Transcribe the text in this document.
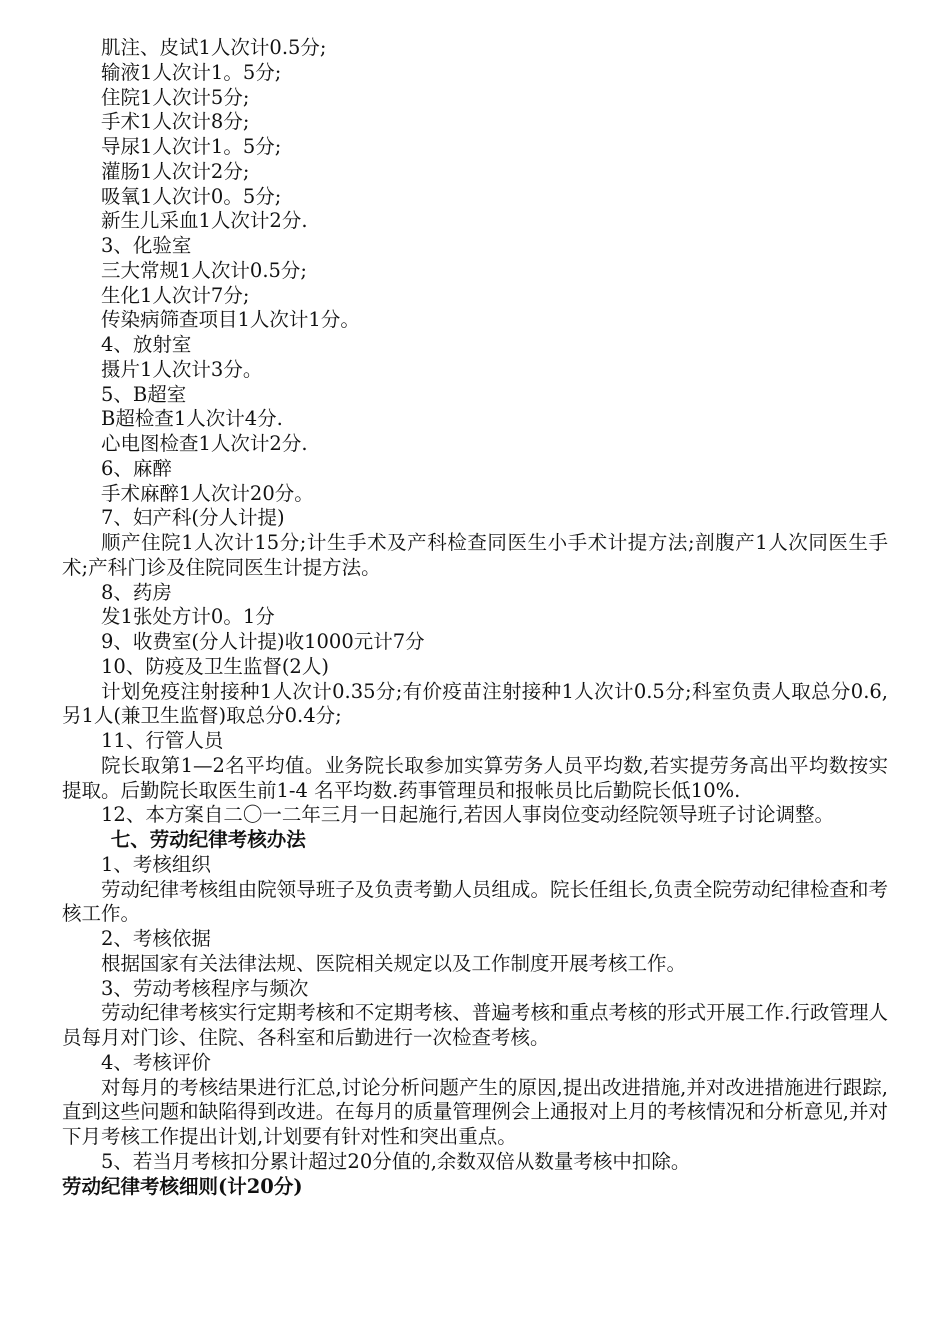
肌注、皮试1人次计0.5分;

输液1人次计1。5分;

住院1人次计5分;

手术1人次计8分;

导尿1人次计1。5分;

灌肠1人次计2分;

吸氧1人次计0。5分;

新生儿采血1人次计2分.

3、化验室

三大常规1人次计0.5分;

生化1人次计7分;

传染病筛查项目1人次计1分。

4、放射室

摄片1人次计3分。

5、B超室

B超检查1人次计4分.

心电图检查1人次计2分.

6、麻醉

手术麻醉1人次计20分。

7、妇产科(分人计提)

顺产住院1人次计15分;计生手术及产科检查同医生小手术计提方法;剖腹产1人次同医生手术;产科门诊及住院同医生计提方法。

8、药房

发1张处方计0。1分

9、收费室(分人计提)收1000元计7分

10、防疫及卫生监督(2人)

计划免疫注射接种1人次计0.35分;有价疫苗注射接种1人次计0.5分;科室负责人取总分0.6,另1人(兼卫生监督)取总分0.4分;

11、行管人员

院长取第1—2名平均值。业务院长取参加实算劳务人员平均数,若实提劳务高出平均数按实提取。后勤院长取医生前1-4 名平均数.药事管理员和报帐员比后勤院长低10%.

12、本方案自二〇一二年三月一日起施行,若因人事岗位变动经院领导班子讨论调整。

七、劳动纪律考核办法

1、考核组织

劳动纪律考核组由院领导班子及负责考勤人员组成。院长任组长,负责全院劳动纪律检查和考核工作。

2、考核依据

根据国家有关法律法规、医院相关规定以及工作制度开展考核工作。

3、劳动考核程序与频次

劳动纪律考核实行定期考核和不定期考核、普遍考核和重点考核的形式开展工作.行政管理人员每月对门诊、住院、各科室和后勤进行一次检查考核。

4、考核评价

对每月的考核结果进行汇总,讨论分析问题产生的原因,提出改进措施,并对改进措施进行跟踪,直到这些问题和缺陷得到改进。在每月的质量管理例会上通报对上月的考核情况和分析意见,并对下月考核工作提出计划,计划要有针对性和突出重点。

5、若当月考核扣分累计超过20分值的,余数双倍从数量考核中扣除。

劳动纪律考核细则(计20分)
